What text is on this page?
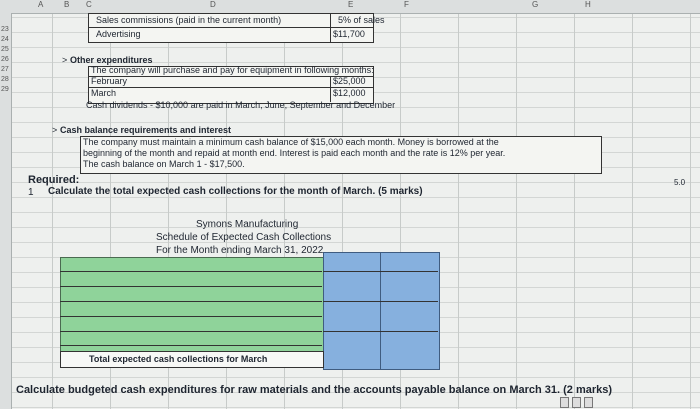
A	B C	D	E	F	G	H
23
24
25
26
27
28
29
Sales commissions (paid in the current month)	5% of sales
Advertising	$11,700
> Other expenditures
The company will purchase and pay for equipment in following months:
February	$25,000
March	$12,000
Cash dividends - $10,000 are paid in March, June, September and December
> Cash balance requirements and interest
The company must maintain a minimum cash balance of $15,000 each month. Money is borrowed at the
beginning of the month and repaid at month end. Interest is paid each month and the rate is 12% per year.
The cash balance on March 1 - $17,500.
Required:
1 Calculate the total expected cash collections for the month of March. (5 marks)
5.0
Symons Manufacturing
Schedule of Expected Cash Collections
For the Month ending March 31, 2022
Total expected cash collections for March
Calculate budgeted cash expenditures for raw materials and the accounts payable balance on March 31. (2 marks)
